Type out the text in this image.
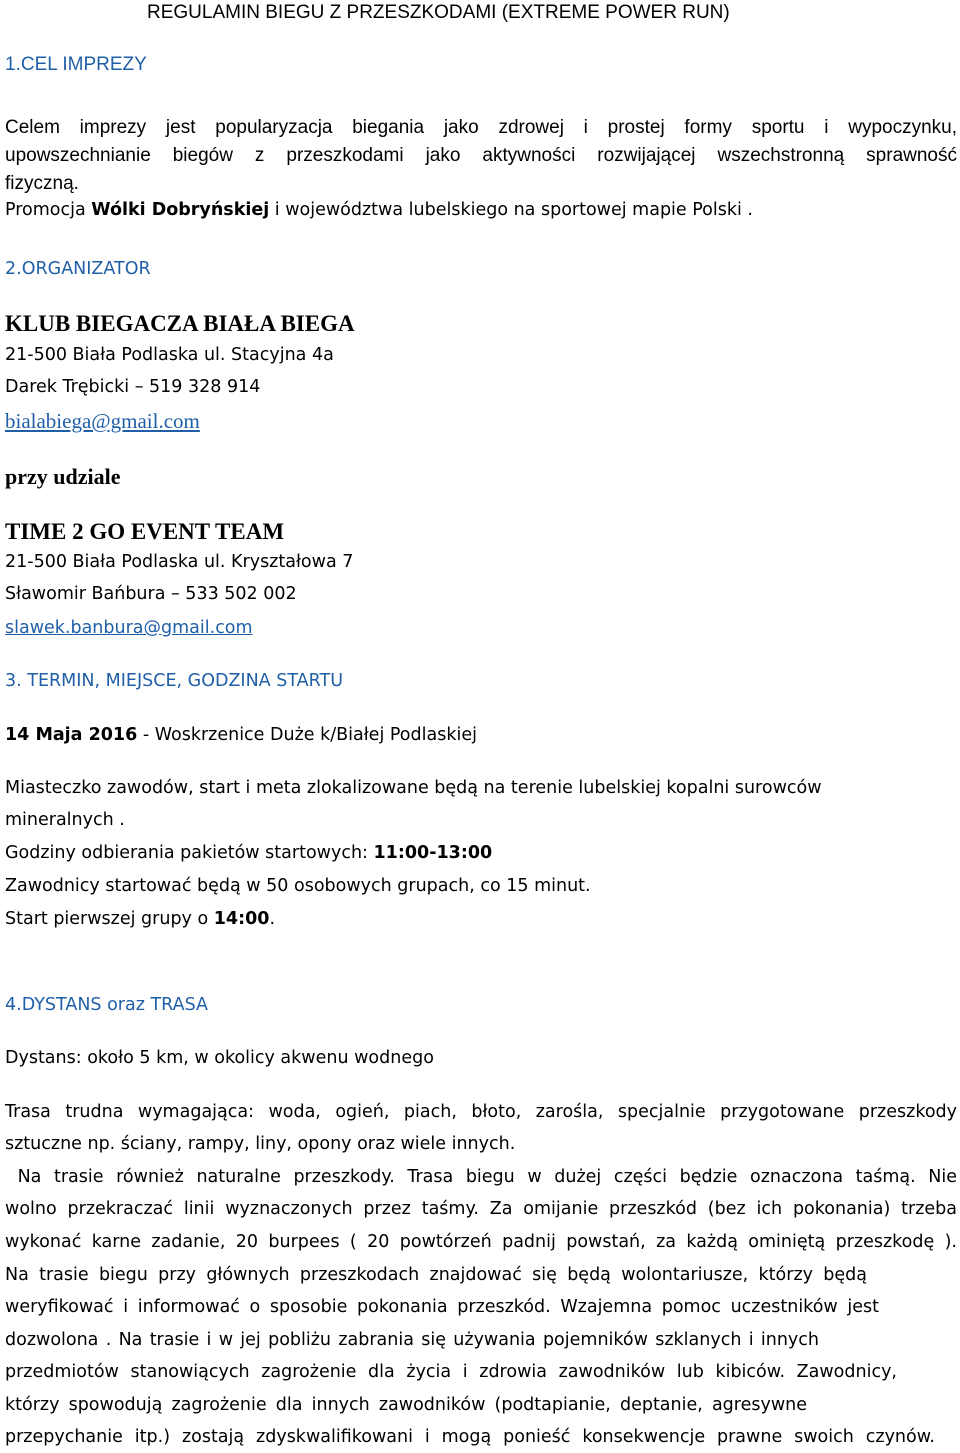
REGULAMIN BIEGU Z PRZESZKODAMI (EXTREME POWER RUN)
1.CEL IMPREZY
Celem imprezy jest popularyzacja biegania jako zdrowej i prostej formy sportu i wypoczynku,
upowszechnianie biegów z przeszkodami jako aktywności rozwijającej wszechstronną sprawność
fizyczną.
Promocja Wólki Dobryńskiej i województwa lubelskiego na sportowej mapie Polski .
2.ORGANIZATOR
KLUB BIEGACZA BIAŁA BIEGA
21-500 Biała Podlaska ul. Stacyjna 4a
Darek Trębicki – 519 328 914
bialabiega@gmail.com
przy udziale
TIME 2 GO EVENT TEAM
21-500 Biała Podlaska ul. Kryształowa 7
Sławomir Bańbura – 533 502 002
slawek.banbura@gmail.com
3. TERMIN, MIEJSCE, GODZINA STARTU
14 Maja 2016 - Woskrzenice Duże k/Białej Podlaskiej
Miasteczko zawodów, start i meta zlokalizowane będą na terenie lubelskiej kopalni surowców
mineralnych .
Godziny odbierania pakietów startowych: 11:00-13:00
Zawodnicy startować będą w 50 osobowych grupach, co 15 minut.
Start pierwszej grupy o 14:00.
4.DYSTANS oraz TRASA
Dystans: około 5 km, w okolicy akwenu wodnego
Trasa trudna wymagająca: woda, ogień, piach, błoto, zarośla, specjalnie przygotowane przeszkody
sztuczne np. ściany, rampy, liny, opony oraz wiele innych.
Na trasie również naturalne przeszkody. Trasa biegu w dużej części będzie oznaczona taśmą. Nie
wolno przekraczać linii wyznaczonych przez taśmy. Za omijanie przeszkód (bez ich pokonania) trzeba
wykonać karne zadanie, 20 burpees ( 20 powtórzeń padnij powstań, za każdą ominiętą przeszkodę ).
Na trasie biegu przy głównych przeszkodach znajdować się będą wolontariusze, którzy będą
weryfikować i informować o sposobie pokonania przeszkód. Wzajemna pomoc uczestników jest
dozwolona . Na trasie i w jej pobliżu zabrania się używania pojemników szklanych i innych
przedmiotów stanowiących zagrożenie dla życia i zdrowia zawodników lub kibiców. Zawodnicy,
którzy spowodują zagrożenie dla innych zawodników (podtapianie, deptanie, agresywne
przepychanie itp.) zostają zdyskwalifikowani i mogą ponieść konsekwencje prawne swoich czynów.
